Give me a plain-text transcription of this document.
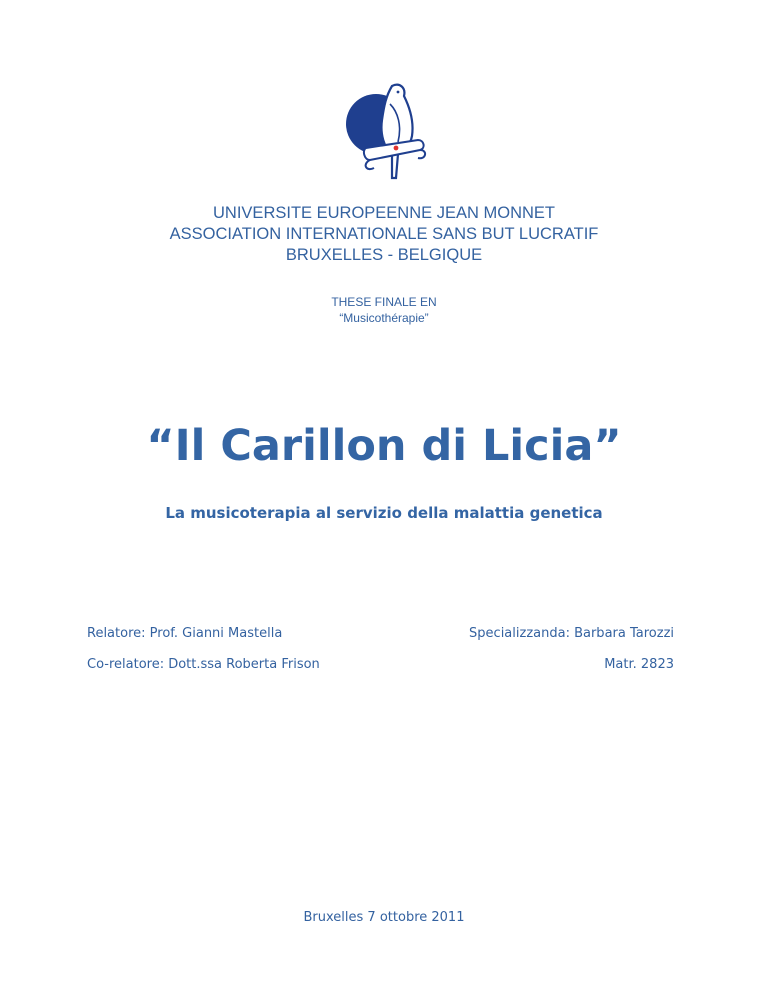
UNIVERSITE EUROPEENNE JEAN MONNET
ASSOCIATION INTERNATIONALE SANS BUT LUCRATIF
BRUXELLES - BELGIQUE
THESE FINALE EN
“Musicothérapie”
“Il Carillon di Licia”
La musicoterapia al servizio della malattia genetica
Relatore: Prof. Gianni Mastella
Co-relatore: Dott.ssa Roberta Frison
Specializzanda: Barbara Tarozzi
Matr. 2823
Bruxelles 7 ottobre 2011
